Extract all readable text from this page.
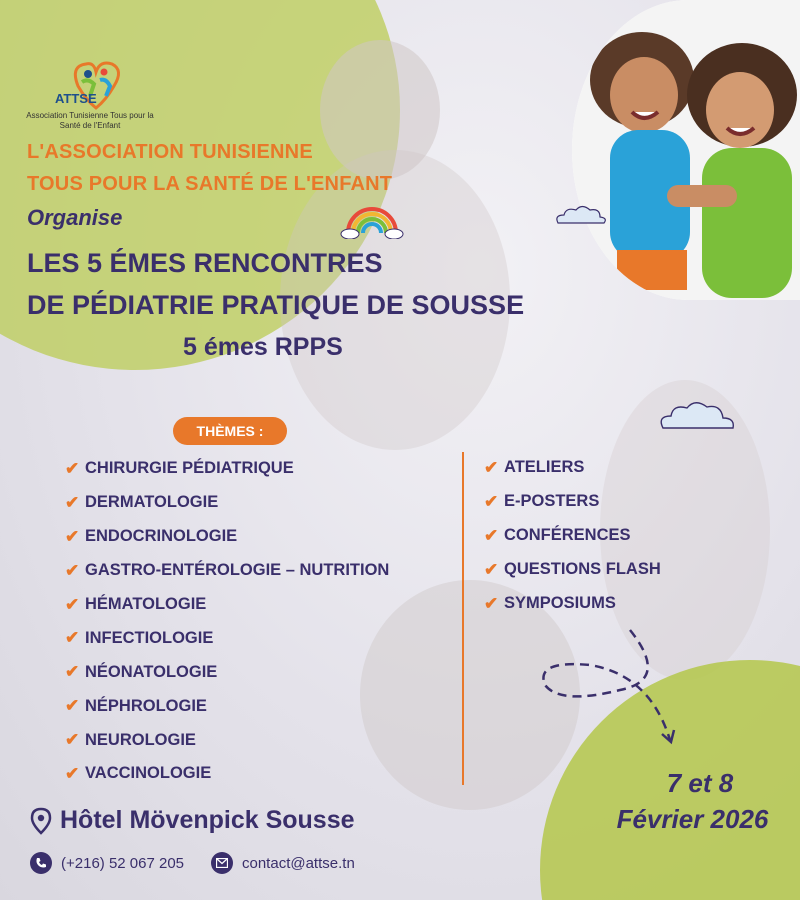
ATTSE
Association Tunisienne Tous pour la Santé de l'Enfant
L'ASSOCIATION TUNISIENNE
TOUS POUR LA SANTÉ DE L'ENFANT
Organise
LES 5 ÉMES RENCONTRES
DE PÉDIATRIE PRATIQUE DE SOUSSE
5 émes RPPS
THÈMES :
✔ CHIRURGIE PÉDIATRIQUE
✔ DERMATOLOGIE
✔ ENDOCRINOLOGIE
✔ GASTRO-ENTÉROLOGIE – NUTRITION
✔ HÉMATOLOGIE
✔ INFECTIOLOGIE
✔ NÉONATOLOGIE
✔ NÉPHROLOGIE
✔ NEUROLOGIE
✔ VACCINOLOGIE
✔ ATELIERS
✔ E-POSTERS
✔ CONFÉRENCES
✔ QUESTIONS FLASH
✔ SYMPOSIUMS
Hôtel Mövenpick Sousse
(+216) 52 067 205	contact@attse.tn
7 et 8
Février 2026
